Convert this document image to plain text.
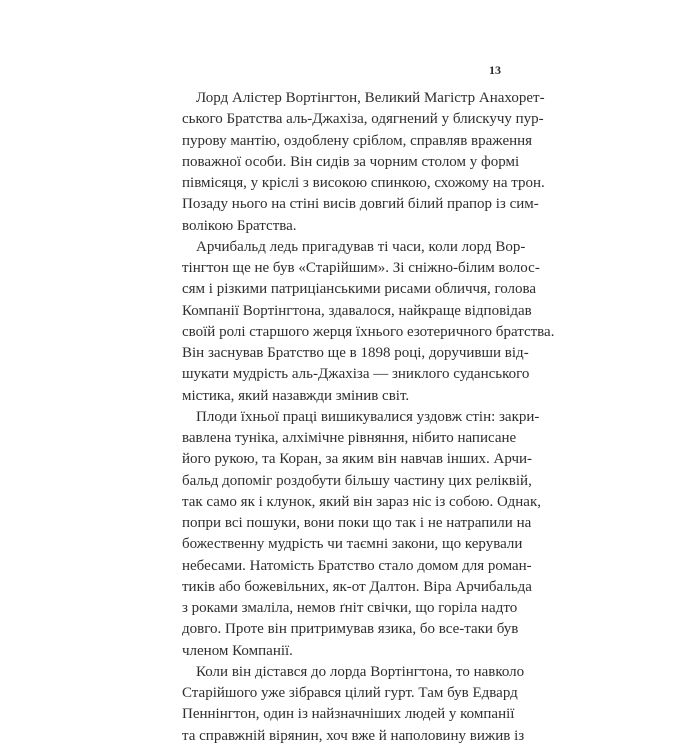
13
Лорд Алістер Вортінгтон, Великий Магістр Анахорет-
ського Братства аль-Джахіза, одягнений у блискучу пур-
пурову мантію, оздоблену сріблом, справляв враження
поважної особи. Він сидів за чорним столом у формі
півмісяця, у кріслі з високою спинкою, схожому на трон.
Позаду нього на стіні висів довгий білий прапор із сим-
волікою Братства.
Арчибальд ледь пригадував ті часи, коли лорд Вор-
тінгтон ще не був «Старійшим». Зі сніжно-білим волос-
сям і різкими патриціанськими рисами обличчя, голова
Компанії Вортінгтона, здавалося, найкраще відповідав
своїй ролі старшого жерця їхнього езотеричного братства.
Він заснував Братство ще в 1898 році, доручивши від-
шукати мудрість аль-Джахіза — зниклого суданського
містика, який назавжди змінив світ.
Плоди їхньої праці вишикувалися уздовж стін: закри-
вавлена туніка, алхімічне рівняння, нібито написане
його рукою, та Коран, за яким він навчав інших. Арчи-
бальд допоміг роздобути більшу частину цих реліквій,
так само як і клунок, який він зараз ніс із собою. Однак,
попри всі пошуки, вони поки що так і не натрапили на
божественну мудрість чи таємні закони, що керували
небесами. Натомість Братство стало домом для роман-
тиків або божевільних, як-от Далтон. Віра Арчибальда
з роками змаліла, немов ґніт свічки, що горіла надто
довго. Проте він притримував язика, бо все-таки був
членом Компанії.
Коли він дістався до лорда Вортінгтона, то навколо
Старійшого уже зібрався цілий гурт. Там був Едвард
Пеннінгтон, один із найзначніших людей у компанії
та справжній вірянин, хоч вже й наполовину вижив із
